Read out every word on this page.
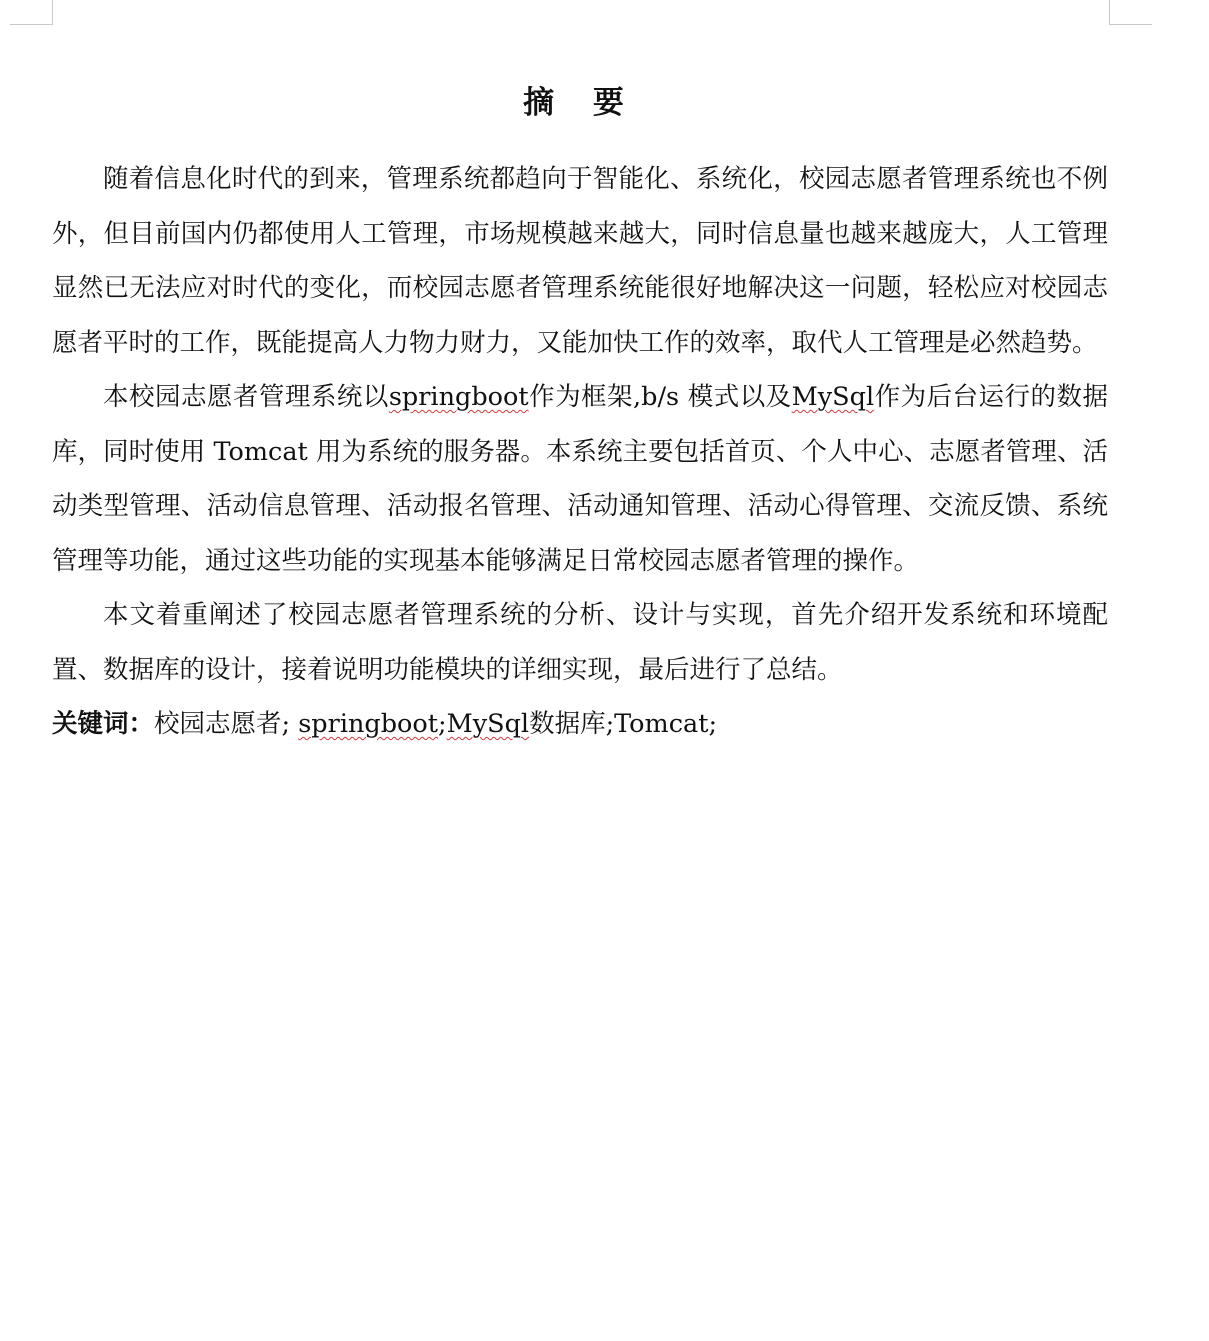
摘 要

随着信息化时代的到来，管理系统都趋向于智能化、系统化，校园志愿者管理系统也不例外，但目前国内仍都使用人工管理，市场规模越来越大，同时信息量也越来越庞大，人工管理显然已无法应对时代的变化，而校园志愿者管理系统能很好地解决这一问题，轻松应对校园志愿者平时的工作，既能提高人力物力财力，又能加快工作的效率，取代人工管理是必然趋势。

本校园志愿者管理系统以springboot作为框架,b/s 模式以及MySql作为后台运行的数据库，同时使用 Tomcat 用为系统的服务器。本系统主要包括首页、个人中心、志愿者管理、活动类型管理、活动信息管理、活动报名管理、活动通知管理、活动心得管理、交流反馈、系统管理等功能，通过这些功能的实现基本能够满足日常校园志愿者管理的操作。

本文着重阐述了校园志愿者管理系统的分析、设计与实现，首先介绍开发系统和环境配置、数据库的设计，接着说明功能模块的详细实现，最后进行了总结。

关键词：校园志愿者; springboot;MySql数据库;Tomcat;
